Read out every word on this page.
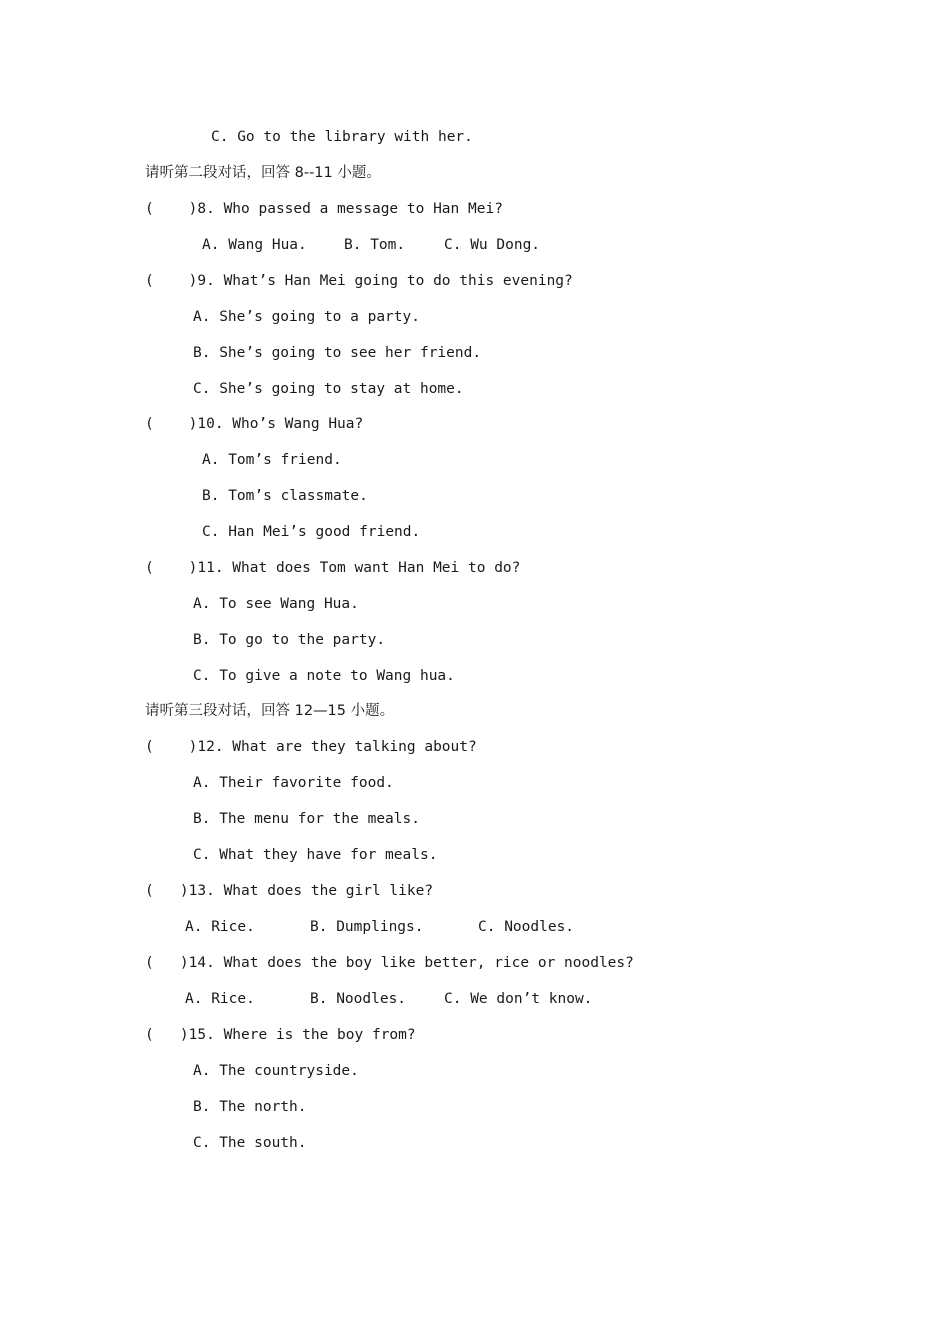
C. Go to the library with her.
请听第二段对话，回答 8--11 小题。
(    )8. Who passed a message to Han Mei?
A. Wang Hua.	B. Tom.	C. Wu Dong.
(    )9. What’s Han Mei going to do this evening?
A. She’s going to a party.
B. She’s going to see her friend.
C. She’s going to stay at home.
(    )10. Who’s Wang Hua?
A. Tom’s friend.
B. Tom’s classmate.
C. Han Mei’s good friend.
(    )11. What does Tom want Han Mei to do?
A. To see Wang Hua.
B. To go to the party.
C. To give a note to Wang hua.
请听第三段对话，回答 12—15 小题。
(    )12. What are they talking about?
A. Their favorite food.
B. The menu for the meals.
C. What they have for meals.
(   )13. What does the girl like?
A. Rice.	B. Dumplings.	C. Noodles.
(   )14. What does the boy like better, rice or noodles?
A. Rice.	B. Noodles.	C. We don’t know.
(   )15. Where is the boy from?
A. The countryside.
B. The north.
C. The south.
